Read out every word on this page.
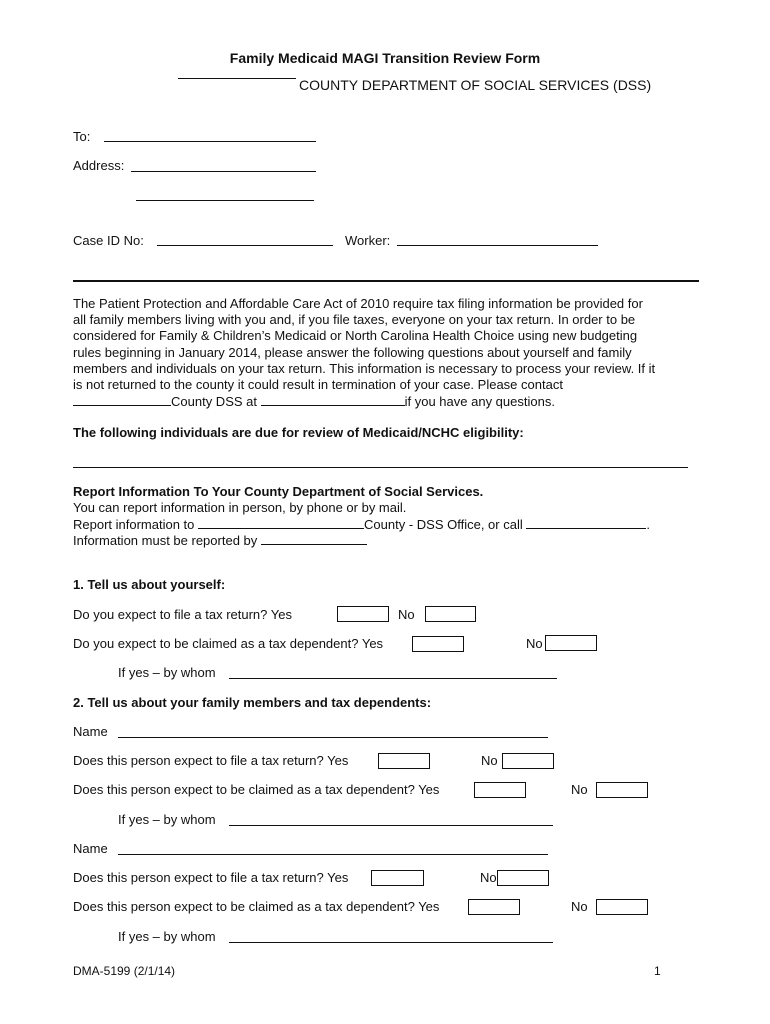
Family Medicaid MAGI Transition Review Form
COUNTY DEPARTMENT OF SOCIAL SERVICES (DSS)
To:
Address:
Case ID No:	Worker:

The Patient Protection and Affordable Care Act of 2010 require tax filing information be provided for

all family members living with you and, if you file taxes, everyone on your tax return. In order to be

considered for Family & Children’s Medicaid or North Carolina Health Choice using new budgeting

rules beginning in January 2014, please answer the following questions about yourself and family

members and individuals on your tax return. This information is necessary to process your review. If it

is not returned to the county it could result in termination of your case. Please contact

County DSS at	if you have any questions.

The following individuals are due for review of Medicaid/NCHC eligibility:
Report Information To Your County Department of Social Services.
You can report information in person, by phone or by mail.
Report information to	County - DSS Office, or call	.
Information must be reported by
1. Tell us about yourself:
Do you expect to file a tax return? Yes	No
Do you expect to be claimed as a tax dependent? Yes	No
If yes – by whom
2. Tell us about your family members and tax dependents:
Name
Does this person expect to file a tax return? Yes	No
Does this person expect to be claimed as a tax dependent? Yes	No
If yes – by whom
Name
Does this person expect to file a tax return? Yes	No
Does this person expect to be claimed as a tax dependent? Yes	No
If yes – by whom
DMA-5199 (2/1/14)	1
